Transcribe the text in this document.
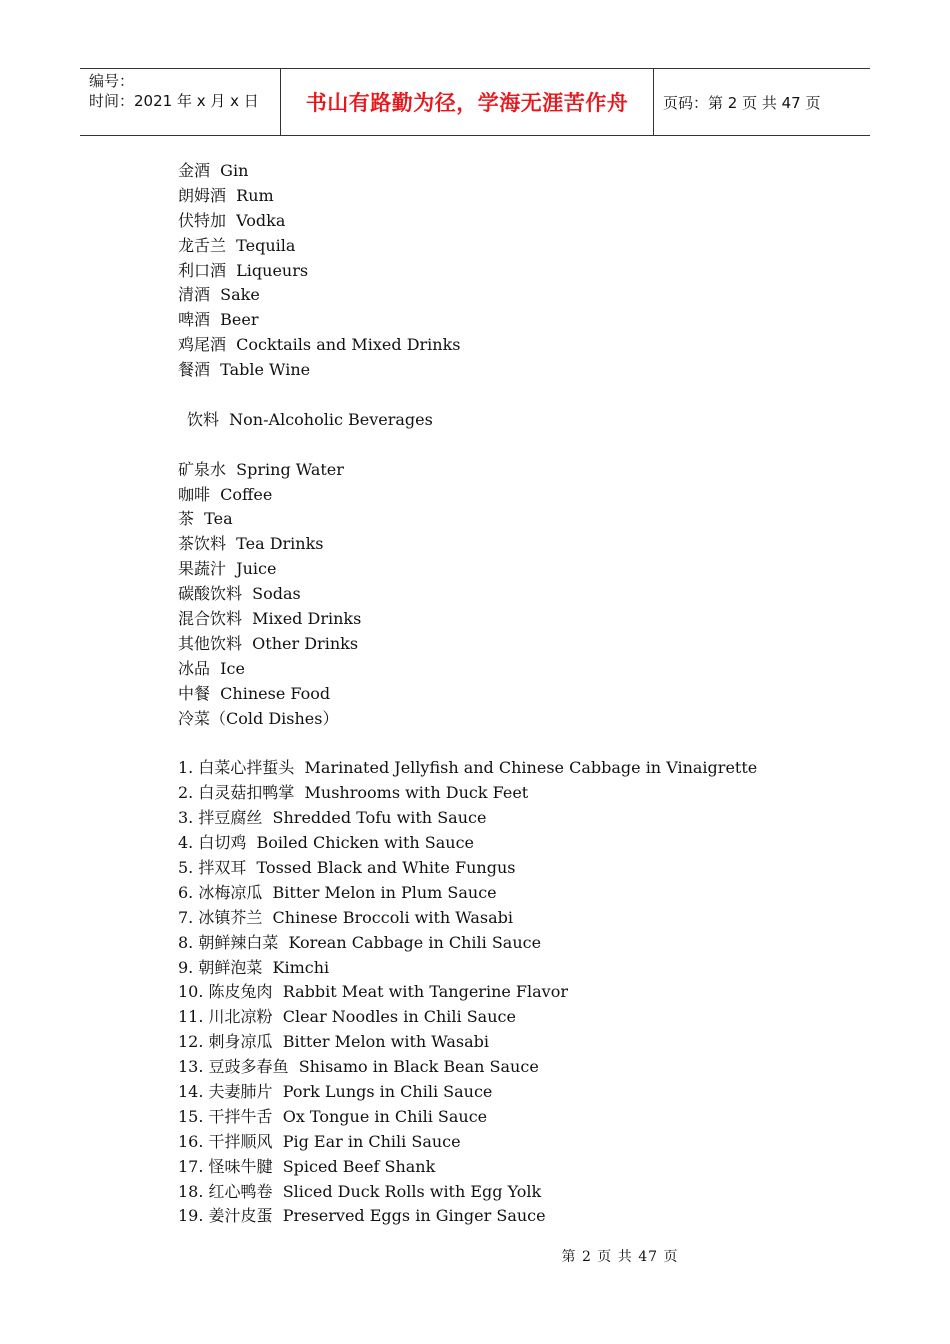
编号：
时间：2021 年 x 月 x 日	书山有路勤为径，学海无涯苦作舟 页码：第 2 页 共 47 页
金酒  Gin
朗姆酒  Rum
伏特加  Vodka
龙舌兰  Tequila
利口酒  Liqueurs
清酒  Sake
啤酒  Beer
鸡尾酒  Cocktails and Mixed Drinks
餐酒  Table Wine
饮料  Non-Alcoholic Beverages
矿泉水  Spring Water
咖啡  Coffee
茶  Tea
茶饮料  Tea Drinks
果蔬汁  Juice
碳酸饮料  Sodas
混合饮料  Mixed Drinks
其他饮料  Other Drinks
冰品  Ice
中餐  Chinese Food
冷菜（Cold Dishes）
1. 白菜心拌蜇头  Marinated Jellyfish and Chinese Cabbage in Vinaigrette
2. 白灵菇扣鸭掌  Mushrooms with Duck Feet
3. 拌豆腐丝  Shredded Tofu with Sauce
4. 白切鸡  Boiled Chicken with Sauce
5. 拌双耳  Tossed Black and White Fungus
6. 冰梅凉瓜  Bitter Melon in Plum Sauce
7. 冰镇芥兰  Chinese Broccoli with Wasabi
8. 朝鲜辣白菜  Korean Cabbage in Chili Sauce
9. 朝鲜泡菜  Kimchi
10. 陈皮兔肉  Rabbit Meat with Tangerine Flavor
11. 川北凉粉  Clear Noodles in Chili Sauce
12. 刺身凉瓜  Bitter Melon with Wasabi
13. 豆豉多春鱼  Shisamo in Black Bean Sauce
14. 夫妻肺片  Pork Lungs in Chili Sauce
15. 干拌牛舌  Ox Tongue in Chili Sauce
16. 干拌顺风  Pig Ear in Chili Sauce
17. 怪味牛腱  Spiced Beef Shank
18. 红心鸭卷  Sliced Duck Rolls with Egg Yolk
19. 姜汁皮蛋  Preserved Eggs in Ginger Sauce
第 2 页 共 47 页
